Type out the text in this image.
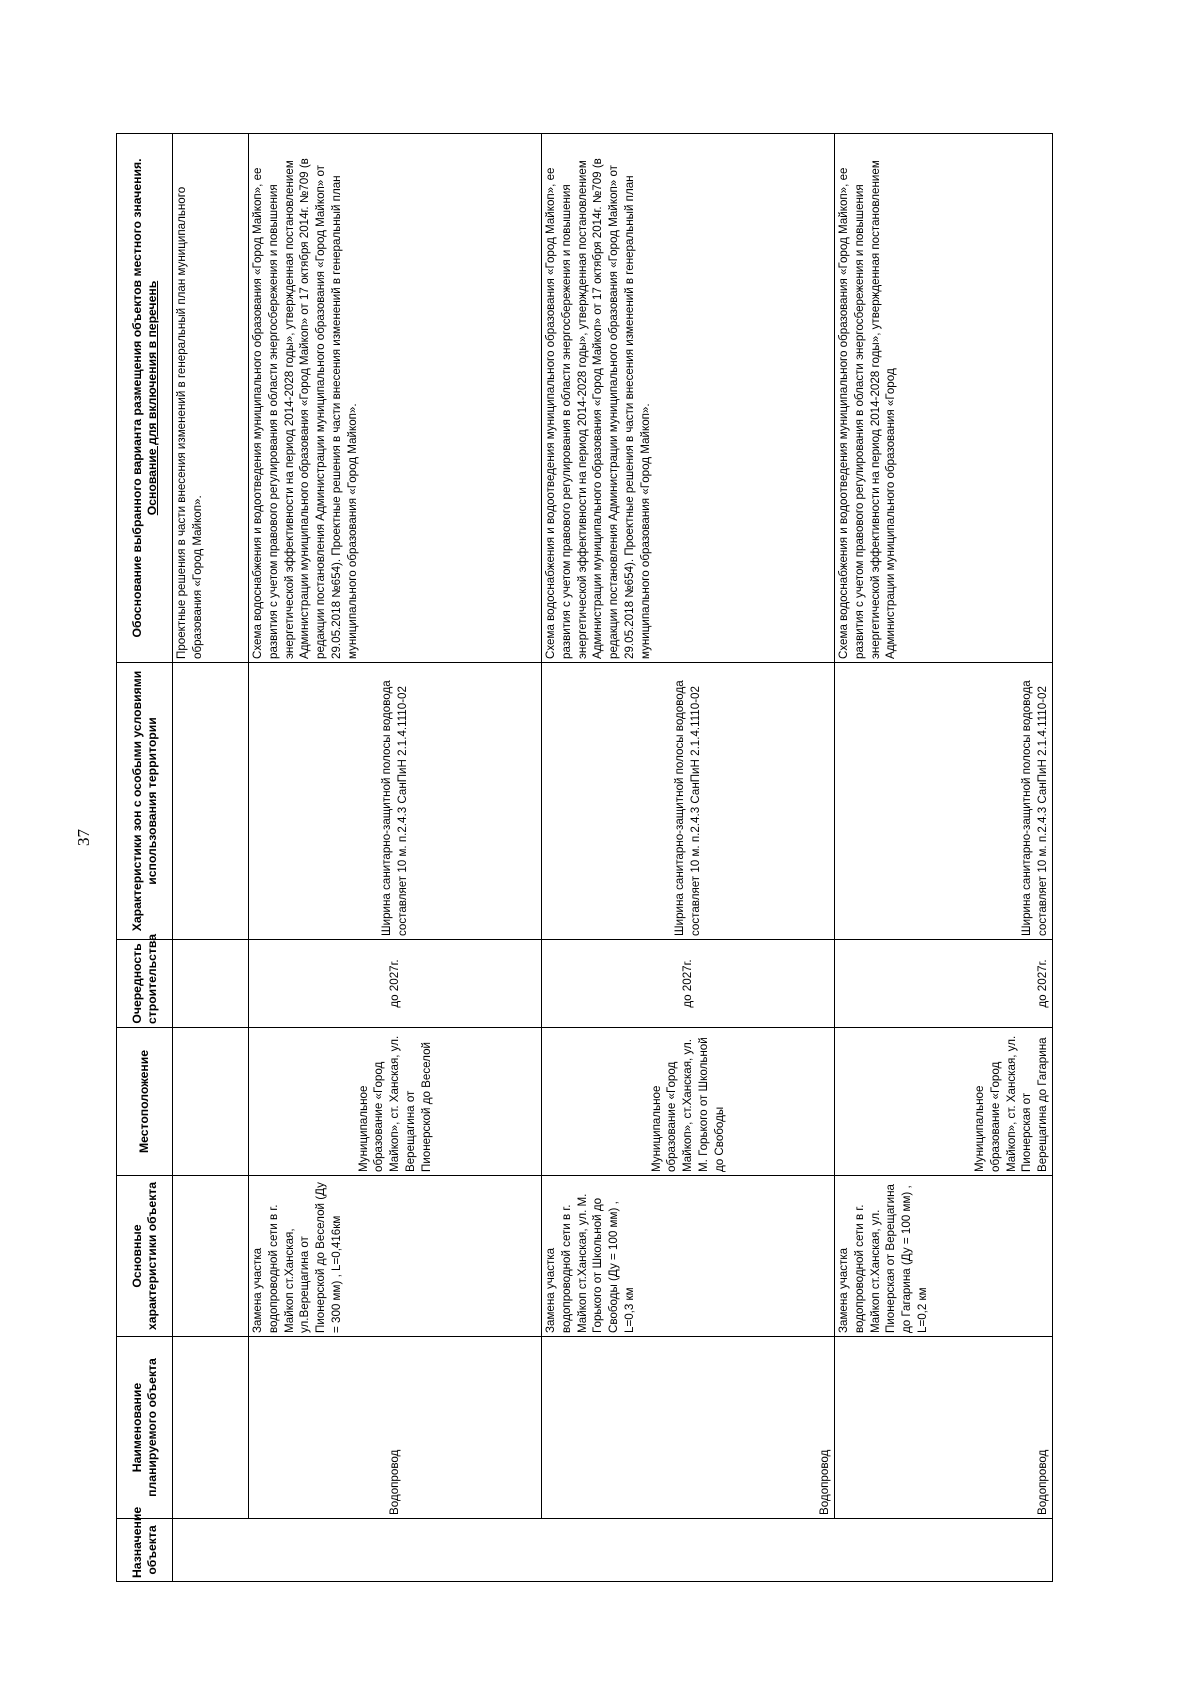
37
Назначение объекта	Наименование планируемого объекта	Основные характеристики объекта	Местоположение	Очередность строительства	Характеристики зон с особыми условиями использования территории	Обоснование выбранного варианта размещения объектов местного значения.
Основание для включения в перечень
						Проектные решения в части внесения изменений в генеральный план муниципального образования «Город Майкоп».
	Водопровод	Замена участка водопроводной сети в г. Майкоп ст.Ханская, ул.Верещагина от Пионерской до Веселой (Ду = 300 мм) , L=0,416км	Муниципальное образование «Город Майкоп», ст. Ханская, ул. Верещагина от Пионерской до Веселой	до 2027г.	Ширина санитарно-защитной полосы водовода составляет 10 м. п.2.4.3 СанПиН 2.1.4.1110-02	Схема водоснабжения и водоотведения муниципального образования «Город Майкоп», ее развития с учетом правового регулирования в области энергосбережения и повышения энергетической эффективности на период 2014-2028 годы», утвержденная постановлением Администрации муниципального образования «Город Майкоп» от 17 октября 2014г. №709 (в редакции постановления Администрации муниципального образования «Город Майкоп» от 29.05.2018 №654). Проектные решения в части внесения изменений в генеральный план муниципального образования «Город Майкоп».
	Водопровод	Замена участка водопроводной сети в г. Майкоп ст.Ханская, ул. М. Горького от Школьной до Свободы (Ду = 100 мм) , L=0,3 км	Муниципальное образование «Город Майкоп», ст.Ханская, ул. М. Горького от Школьной до Свободы	до 2027г.	Ширина санитарно-защитной полосы водовода составляет 10 м. п.2.4.3 СанПиН 2.1.4.1110-02	Схема водоснабжения и водоотведения муниципального образования «Город Майкоп», ее развития с учетом правового регулирования в области энергосбережения и повышения энергетической эффективности на период 2014-2028 годы», утвержденная постановлением Администрации муниципального образования «Город Майкоп» от 17 октября 2014г. №709 (в редакции постановления Администрации муниципального образования «Город Майкоп» от 29.05.2018 №654). Проектные решения в части внесения изменений в генеральный план муниципального образования «Город Майкоп».
	Водопровод	Замена участка водопроводной сети в г. Майкоп ст.Ханская, ул. Пионерская от Верещагина до Гагарина (Ду = 100 мм) , L=0,2 км	Муниципальное образование «Город Майкоп», ст. Ханская, ул. Пионерская от Верещагина до Гагарина	до 2027г.	Ширина санитарно-защитной полосы водовода составляет 10 м. п.2.4.3 СанПиН 2.1.4.1110-02	Схема водоснабжения и водоотведения муниципального образования «Город Майкоп», ее развития с учетом правового регулирования в области энергосбережения и повышения энергетической эффективности на период 2014-2028 годы», утвержденная постановлением Администрации муниципального образования «Город
